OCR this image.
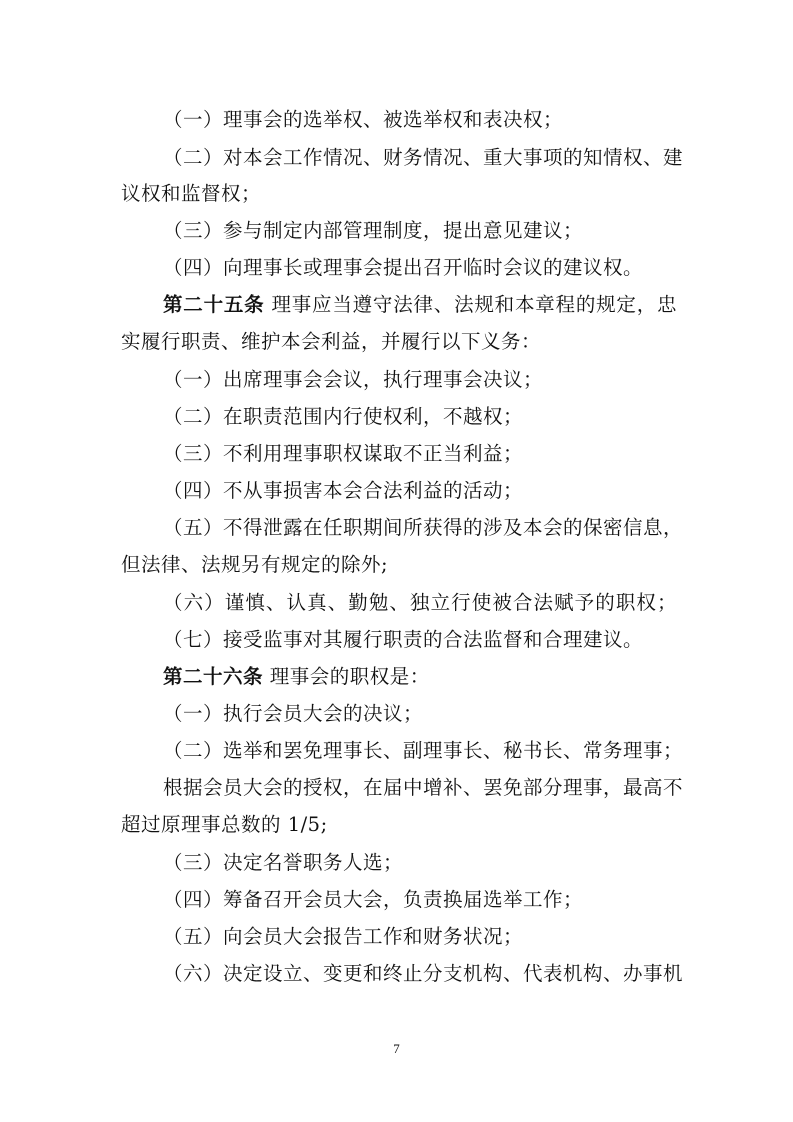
（一）理事会的选举权、被选举权和表决权；
（二）对本会工作情况、财务情况、重大事项的知情权、建
议权和监督权；
（三）参与制定内部管理制度，提出意见建议；
（四）向理事长或理事会提出召开临时会议的建议权。
第二十五条 理事应当遵守法律、法规和本章程的规定，忠
实履行职责、维护本会利益，并履行以下义务：
（一）出席理事会会议，执行理事会决议；
（二）在职责范围内行使权利，不越权；
（三）不利用理事职权谋取不正当利益；
（四）不从事损害本会合法利益的活动；
（五）不得泄露在任职期间所获得的涉及本会的保密信息，
但法律、法规另有规定的除外;
（六）谨慎、认真、勤勉、独立行使被合法赋予的职权；
（七）接受监事对其履行职责的合法监督和合理建议。
第二十六条 理事会的职权是：
（一）执行会员大会的决议；
（二）选举和罢免理事长、副理事长、秘书长、常务理事；
根据会员大会的授权，在届中增补、罢免部分理事，最高不
超过原理事总数的 1/5;
（三）决定名誉职务人选；
（四）筹备召开会员大会，负责换届选举工作；
（五）向会员大会报告工作和财务状况；
（六）决定设立、变更和终止分支机构、代表机构、办事机
7
